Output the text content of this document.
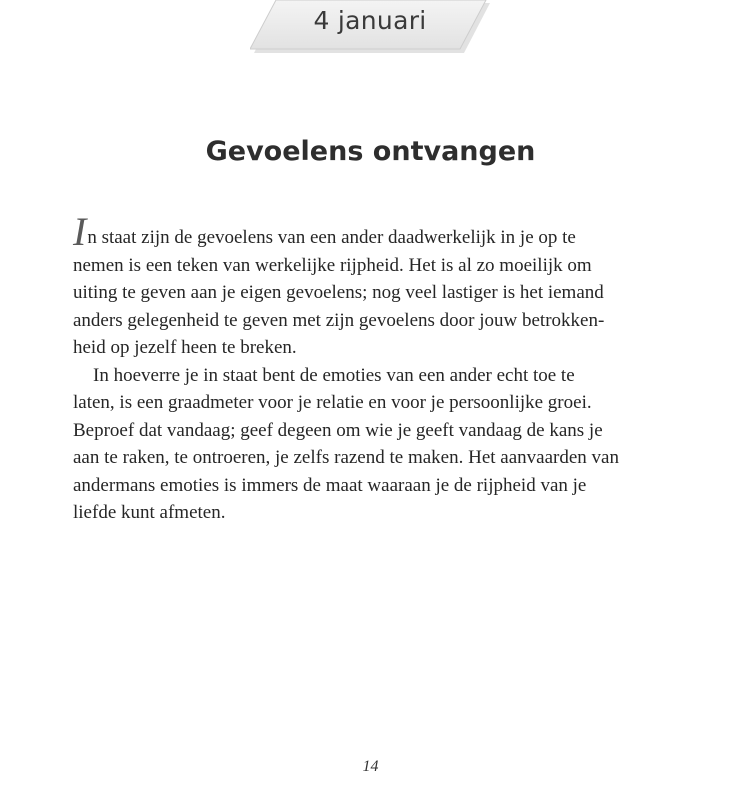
4 januari
Gevoelens ontvangen

In staat zijn de gevoelens van een ander daadwerkelijk in je op te
nemen is een teken van werkelijke rijpheid. Het is al zo moeilijk om
uiting te geven aan je eigen gevoelens; nog veel lastiger is het iemand
anders gelegenheid te geven met zijn gevoelens door jouw betrokken-
heid op jezelf heen te breken.

In hoeverre je in staat bent de emoties van een ander echt toe te
laten, is een graadmeter voor je relatie en voor je persoonlijke groei.
Beproef dat vandaag; geef degeen om wie je geeft vandaag de kans je
aan te raken, te ontroeren, je zelfs razend te maken. Het aanvaarden van
andermans emoties is immers de maat waaraan je de rijpheid van je
liefde kunt afmeten.

14
